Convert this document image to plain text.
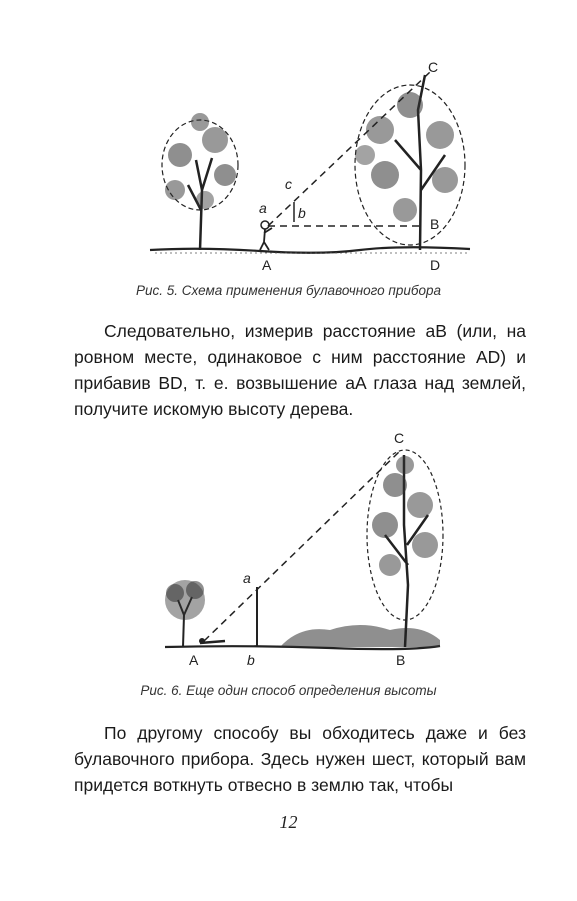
a b
c
C
B
A	D
Рис. 5. Схема применения булавочного прибора
Следовательно, измерив расстояние aB (или, на ровном месте, одинаковое с ним расстояние AD) и прибавив BD, т. е. возвышение aA глаза над землей, получите искомую высоту дерева.
a
b
A	B
C
Рис. 6. Еще один способ определения высоты
По другому способу вы обходитесь даже и без булавочного прибора. Здесь нужен шест, который вам придется воткнуть отвесно в землю так, чтобы
12
